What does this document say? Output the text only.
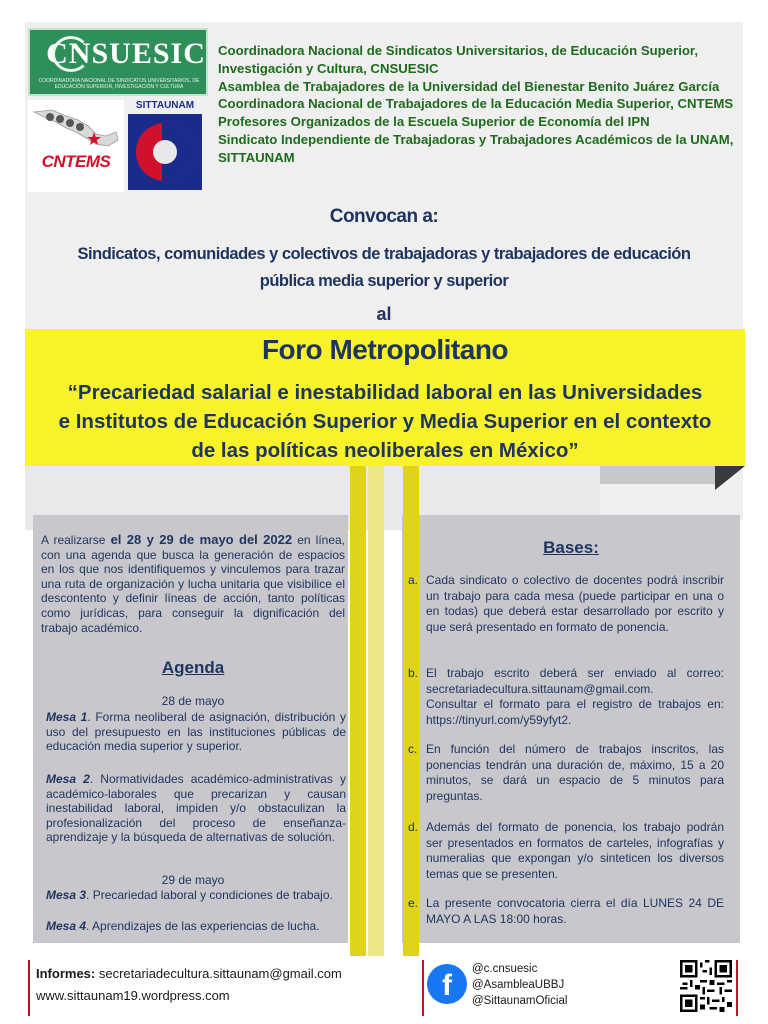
CNSUESIC
COORDINADORA NACIONAL DE SINDICATOS UNIVERSITARIOS, DE EDUCACIÓN SUPERIOR, INVESTIGACIÓN Y CULTURA
★
CNTEMS
SITTAUNAM
Coordinadora Nacional de Sindicatos Universitarios, de Educación Superior,
Investigación y Cultura, CNSUESIC
Asamblea de Trabajadores de la Universidad del Bienestar Benito Juárez García
Coordinadora Nacional de Trabajadores de la Educación Media Superior, CNTEMS
Profesores Organizados de la Escuela Superior de Economía del IPN
Sindicato Independiente de Trabajadoras y Trabajadores Académicos de la UNAM,
SITTAUNAM
Convocan a:
Sindicatos, comunidades y colectivos de trabajadoras y trabajadores de educación
pública media superior y superior
al
Foro Metropolitano
“Precariedad salarial e inestabilidad laboral en las Universidades
e Institutos de Educación Superior y Media Superior en el contexto
de las políticas neoliberales en México”
A realizarse el 28 y 29 de mayo del 2022 en línea, con una agenda que busca la generación de espacios en los que nos identifiquemos y vinculemos para trazar una ruta de organización y lucha unitaria que visibilice el descontento y definir líneas de acción, tanto políticas como jurídicas, para conseguir la dignificación del trabajo académico.
Agenda
28 de mayo
Mesa 1. Forma neoliberal de asignación, distribución y uso del presupuesto en las instituciones públicas de educación media superior y superior.
Mesa 2. Normatividades académico-administrativas y académico-laborales que precarizan y causan inestabilidad laboral, impiden y/o obstaculizan la profesionalización del proceso de enseñanza-aprendizaje y la búsqueda de alternativas de solución.
29 de mayo
Mesa 3. Precariedad laboral y condiciones de trabajo.
Mesa 4. Aprendizajes de las experiencias de lucha.
Bases:
a. Cada sindicato o colectivo de docentes podrá inscribir un trabajo para cada mesa (puede participar en una o en todas) que deberá estar desarrollado por escrito y que será presentado en formato de ponencia.
b. El trabajo escrito deberá ser enviado al correo: secretariadecultura.sittaunam@gmail.com.
Consultar el formato para el registro de trabajos en: https://tinyurl.com/y59yfyt2.
c. En función del número de trabajos inscritos, las ponencias tendrán una duración de, máximo, 15 a 20 minutos, se dará un espacio de 5 minutos para preguntas.
d. Además del formato de ponencia, los trabajo podrán ser presentados en formatos de carteles, infografías y numeralias que expongan y/o sinteticen los diversos temas que se presenten.
e. La presente convocatoria cierra el día LUNES 24 DE MAYO A LAS 18:00 horas.
Informes: secretariadecultura.sittaunam@gmail.com
www.sittaunam19.wordpress.com	f	@c.cnsuesic
@AsambleaUBBJ
@SittaunamOficial
